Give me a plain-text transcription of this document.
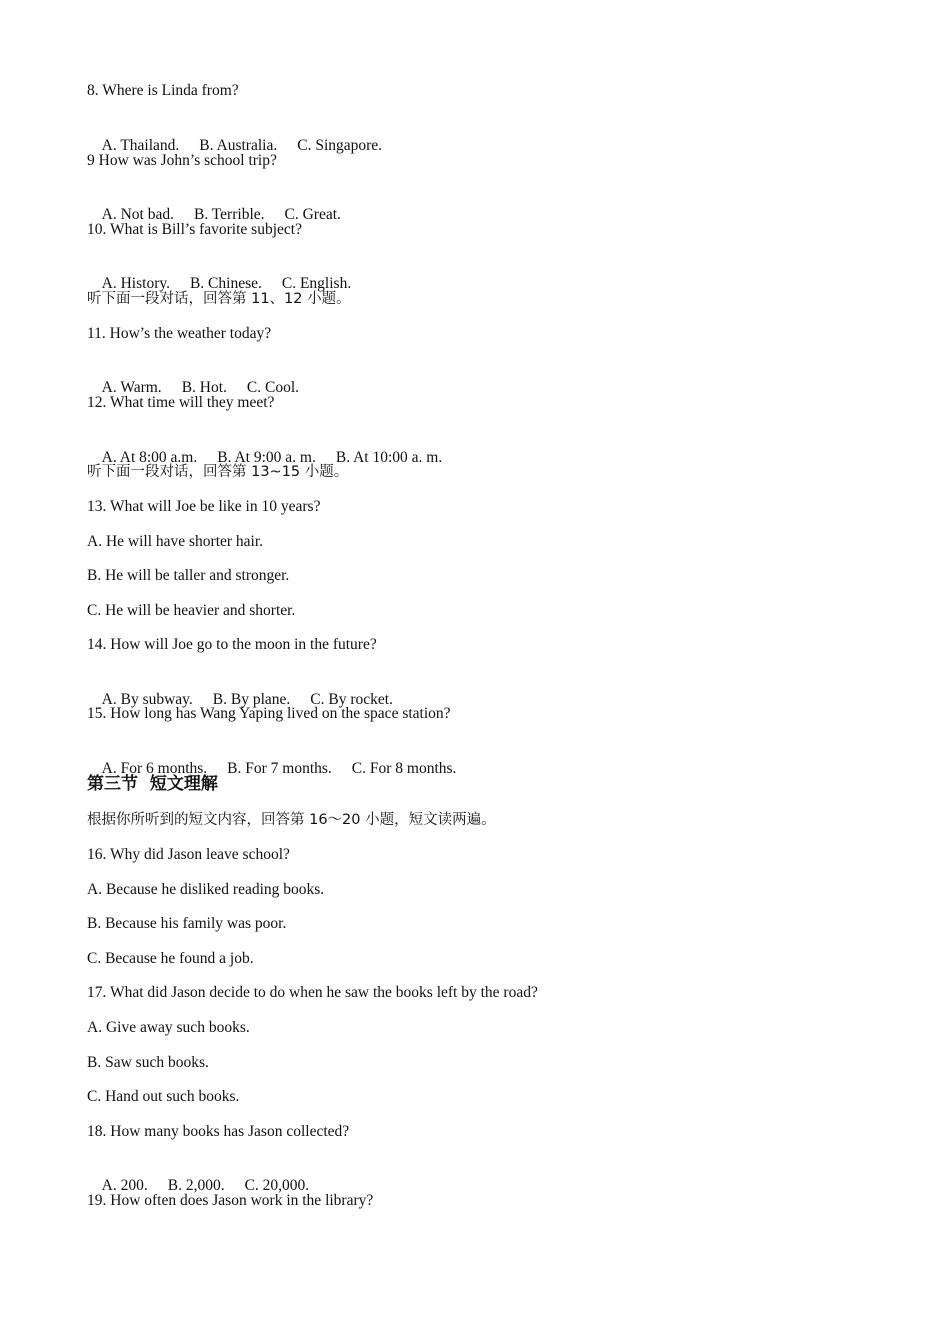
8. Where is Linda from?

A. Thailand. B. Australia. C. Singapore.

9 How was John’s school trip?

A. Not bad. B. Terrible. C. Great.

10. What is Bill’s favorite subject?

A. History. B. Chinese. C. English.

听下面一段对话，回答第 11、12 小题。
11. How’s the weather today?

A. Warm. B. Hot. C. Cool.

12. What time will they meet?

A. At 8:00 a.m. B. At 9:00 a. m. B. At 10:00 a. m.

听下面一段对话，回答第 13~15 小题。
13. What will Joe be like in 10 years?
A. He will have shorter hair.
B. He will be taller and stronger.
C. He will be heavier and shorter.
14. How will Joe go to the moon in the future?

A. By subway. B. By plane. C. By rocket.

15. How long has Wang Yaping lived on the space station?

A. For 6 months. B. For 7 months. C. For 8 months.

第三节  短文理解
根据你所听到的短文内容，回答第 16～20 小题，短文读两遍。
16. Why did Jason leave school?
A. Because he disliked reading books.
B. Because his family was poor.
C. Because he found a job.
17. What did Jason decide to do when he saw the books left by the road?
A. Give away such books.
B. Saw such books.
C. Hand out such books.
18. How many books has Jason collected?

A. 200. B. 2,000. C. 20,000.

19. How often does Jason work in the library?
